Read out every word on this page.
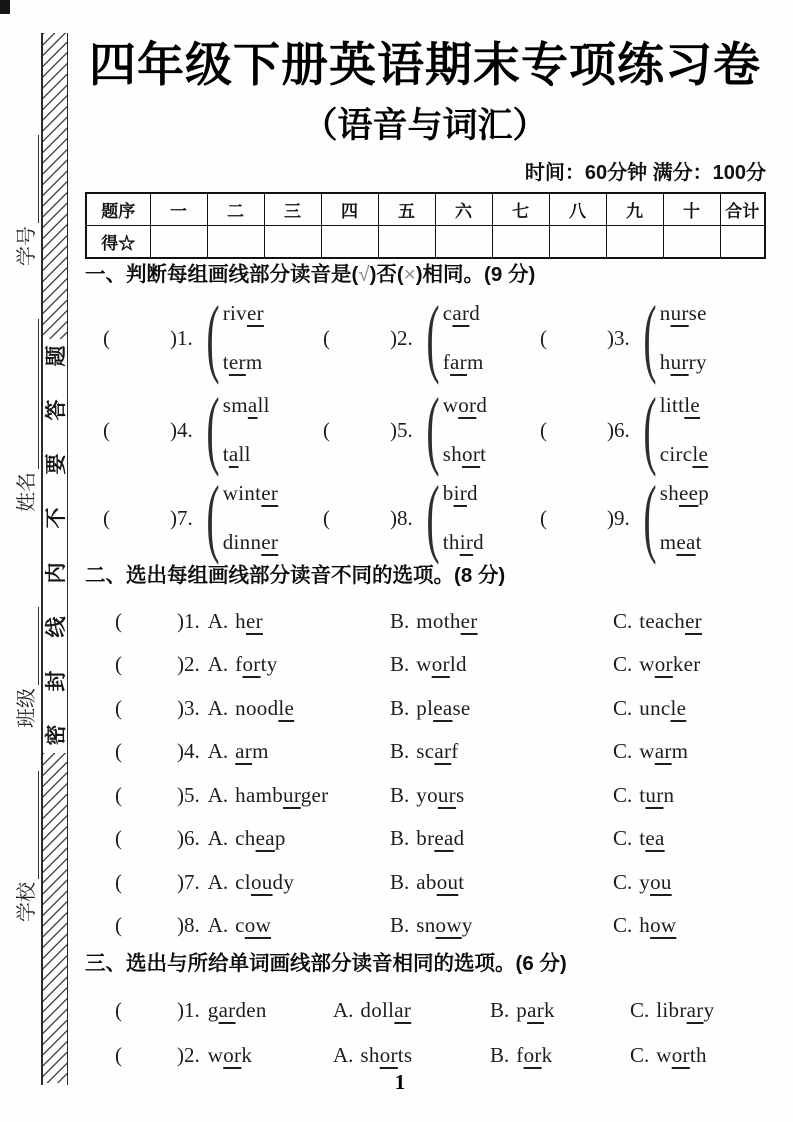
题
答
要
不
内
线
封
密
学号
姓名
班级
学校
四年级下册英语期末专项练习卷
（语音与词汇）
时间：60分钟 满分：100分
题序	一	二	三	四	五	六	七	八	九	十	合计
得☆											
一、判断每组画线部分读音是(√)否(×)相同。(9 分)
(	)1. ( river
term
(	)2. ( card
farm
(	)3. ( nurse
hurry
(	)4. ( small
tall
(	)5. ( word
short
(	)6. ( little
circle
(	)7. ( winter
dinner
(	)8. ( bird
third
(	)9. ( sheep
meat
二、选出每组画线部分读音不同的选项。(8 分)
(	)1. A. her	B. mother	C. teacher
(	)2. A. forty	B. world	C. worker
(	)3. A. noodle	B. please	C. uncle
(	)4. A. arm	B. scarf	C. warm
(	)5. A. hamburger	B. yours	C. turn
(	)6. A. cheap	B. bread	C. tea
(	)7. A. cloudy	B. about	C. you
(	)8. A. cow	B. snowy	C. how
三、选出与所给单词画线部分读音相同的选项。(6 分)
(	)1. garden	A. dollar	B. park	C. library
(	)2. work	A. shorts	B. fork	C. worth
1
